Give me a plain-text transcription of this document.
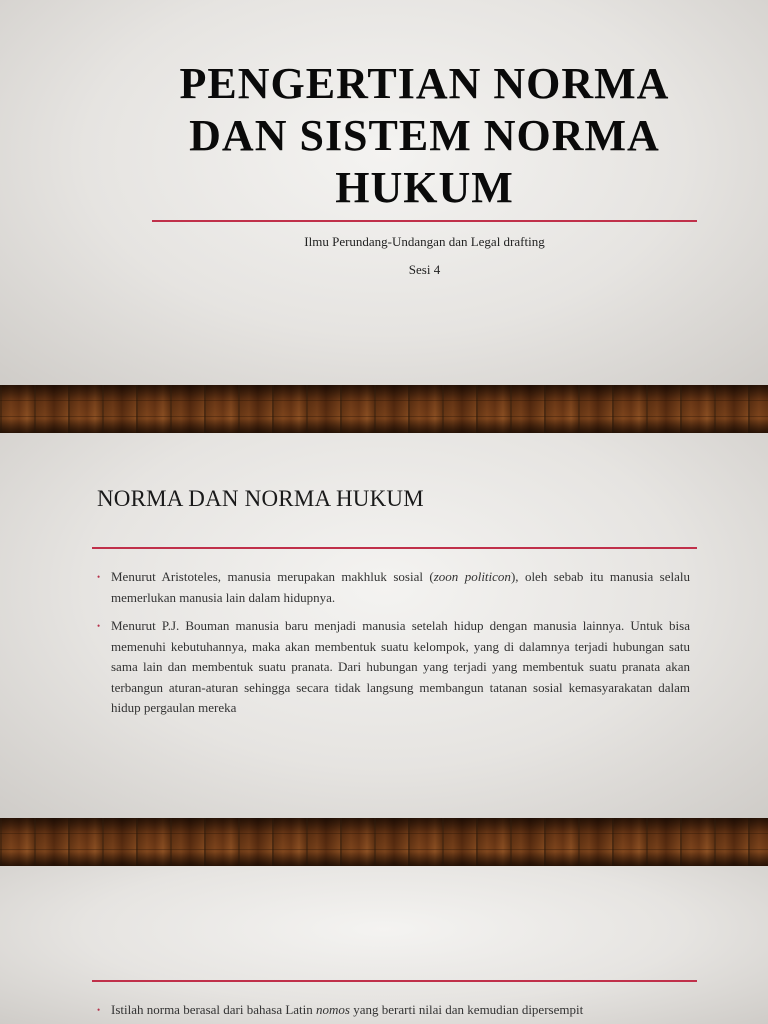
PENGERTIAN NORMA
DAN SISTEM NORMA
HUKUM

Ilmu Perundang-Undangan dan Legal drafting

Sesi 4

NORMA DAN NORMA HUKUM
• Menurut Aristoteles, manusia merupakan makhluk sosial (zoon politicon), oleh sebab itu manusia selalu memerlukan manusia lain dalam hidupnya.
• Menurut P.J. Bouman manusia baru menjadi manusia setelah hidup dengan manusia lainnya. Untuk bisa memenuhi kebutuhannya, maka akan membentuk suatu kelompok, yang di dalamnya terjadi hubungan satu sama lain dan membentuk suatu pranata. Dari hubungan yang terjadi yang membentuk suatu pranata akan terbangun aturan-aturan sehingga secara tidak langsung membangun tatanan sosial kemasyarakatan dalam hidup pergaulan mereka
• Istilah norma berasal dari bahasa Latin nomos yang berarti nilai dan kemudian dipersempit
